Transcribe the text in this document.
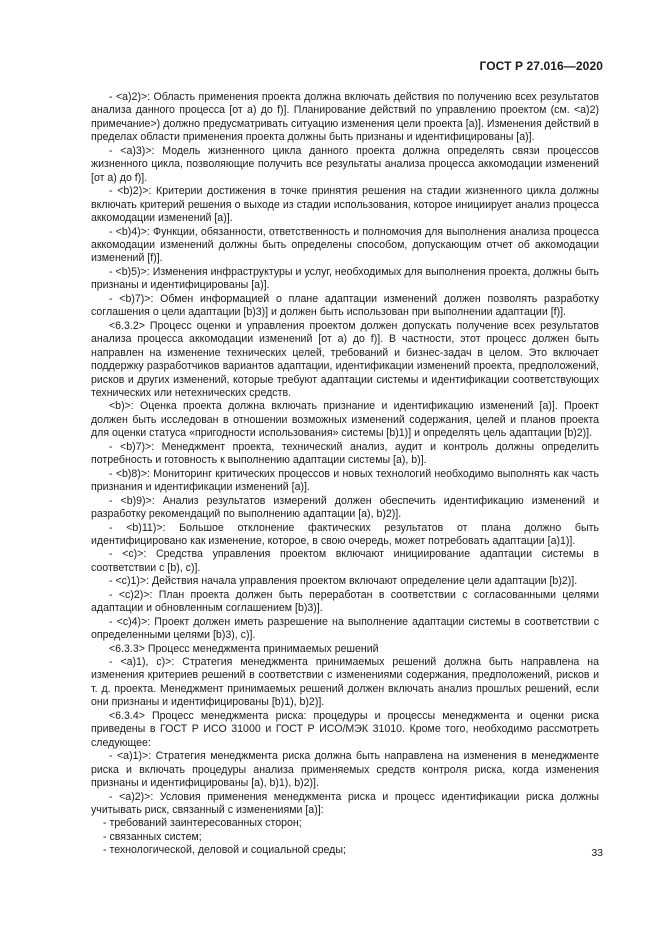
ГОСТ Р 27.016—2020

- <a)2)>: Область применения проекта должна включать действия по получению всех результатов анализа данного процесса [от a) до f)]. Планирование действий по управлению проектом (см. <a)2) примечание>) должно предусматривать ситуацию изменения цели проекта [a)]. Изменения действий в пределах области применения проекта должны быть признаны и идентифицированы [a)].

- <a)3)>: Модель жизненного цикла данного проекта должна определять связи процессов жизненного цикла, позволяющие получить все результаты анализа процесса аккомодации изменений [от a) до f)].

- <b)2)>: Критерии достижения в точке принятия решения на стадии жизненного цикла должны включать критерий решения о выходе из стадии использования, которое инициирует анализ процесса аккомодации изменений [a)].

- <b)4)>: Функции, обязанности, ответственность и полномочия для выполнения анализа процесса аккомодации изменений должны быть определены способом, допускающим отчет об аккомодации изменений [f)].

- <b)5)>: Изменения инфраструктуры и услуг, необходимых для выполнения проекта, должны быть признаны и идентифицированы [a)].

- <b)7)>: Обмен информацией о плане адаптации изменений должен позволять разработку соглашения о цели адаптации [b)3)] и должен быть использован при выполнении адаптации [f)].

<6.3.2> Процесс оценки и управления проектом должен допускать получение всех результатов анализа процесса аккомодации изменений [от a) до f)]. В частности, этот процесс должен быть направлен на изменение технических целей, требований и бизнес-задач в целом. Это включает поддержку разработчиков вариантов адаптации, идентификации изменений проекта, предположений, рисков и других изменений, которые требуют адаптации системы и идентификации соответствующих технических или нетехнических средств.

<b)>: Оценка проекта должна включать признание и идентификацию изменений [a)]. Проект должен быть исследован в отношении возможных изменений содержания, целей и планов проекта для оценки статуса «пригодности использования» системы [b)1)] и определять цель адаптации [b)2)].

- <b)7)>: Менеджмент проекта, технический анализ, аудит и контроль должны определить потребность и готовность к выполнению адаптации системы [a), b)].

- <b)8)>: Мониторинг критических процессов и новых технологий необходимо выполнять как часть признания и идентификации изменений [a)].

- <b)9)>: Анализ результатов измерений должен обеспечить идентификацию изменений и разработку рекомендаций по выполнению адаптации [a), b)2)].

- <b)11)>: Большое отклонение фактических результатов от плана должно быть идентифицировано как изменение, которое, в свою очередь, может потребовать адаптации [a)1)].

- <c)>: Средства управления проектом включают инициирование адаптации системы в соответствии с [b), c)].

- <c)1)>: Действия начала управления проектом включают определение цели адаптации [b)2)].

- <c)2)>: План проекта должен быть переработан в соответствии с согласованными целями адаптации и обновленным соглашением [b)3)].

- <c)4)>: Проект должен иметь разрешение на выполнение адаптации системы в соответствии с определенными целями [b)3), c)].

<6.3.3> Процесс менеджмента принимаемых решений

- <a)1), c)>: Стратегия менеджмента принимаемых решений должна быть направлена на изменения критериев решений в соответствии с изменениями содержания, предположений, рисков и т. д. проекта. Менеджмент принимаемых решений должен включать анализ прошлых решений, если они признаны и идентифицированы [b)1), b)2)].

<6.3.4> Процесс менеджмента риска: процедуры и процессы менеджмента и оценки риска приведены в ГОСТ Р ИСО 31000 и ГОСТ Р ИСО/МЭК 31010. Кроме того, необходимо рассмотреть следующее:

- <a)1)>: Стратегия менеджмента риска должна быть направлена на изменения в менеджменте риска и включать процедуры анализа применяемых средств контроля риска, когда изменения признаны и идентифицированы [a), b)1), b)2)].

- <a)2)>: Условия применения менеджмента риска и процесс идентификации риска должны учитывать риск, связанный с изменениями [a)]:

- требований заинтересованных сторон;

- связанных систем;

- технологической, деловой и социальной среды;	33
